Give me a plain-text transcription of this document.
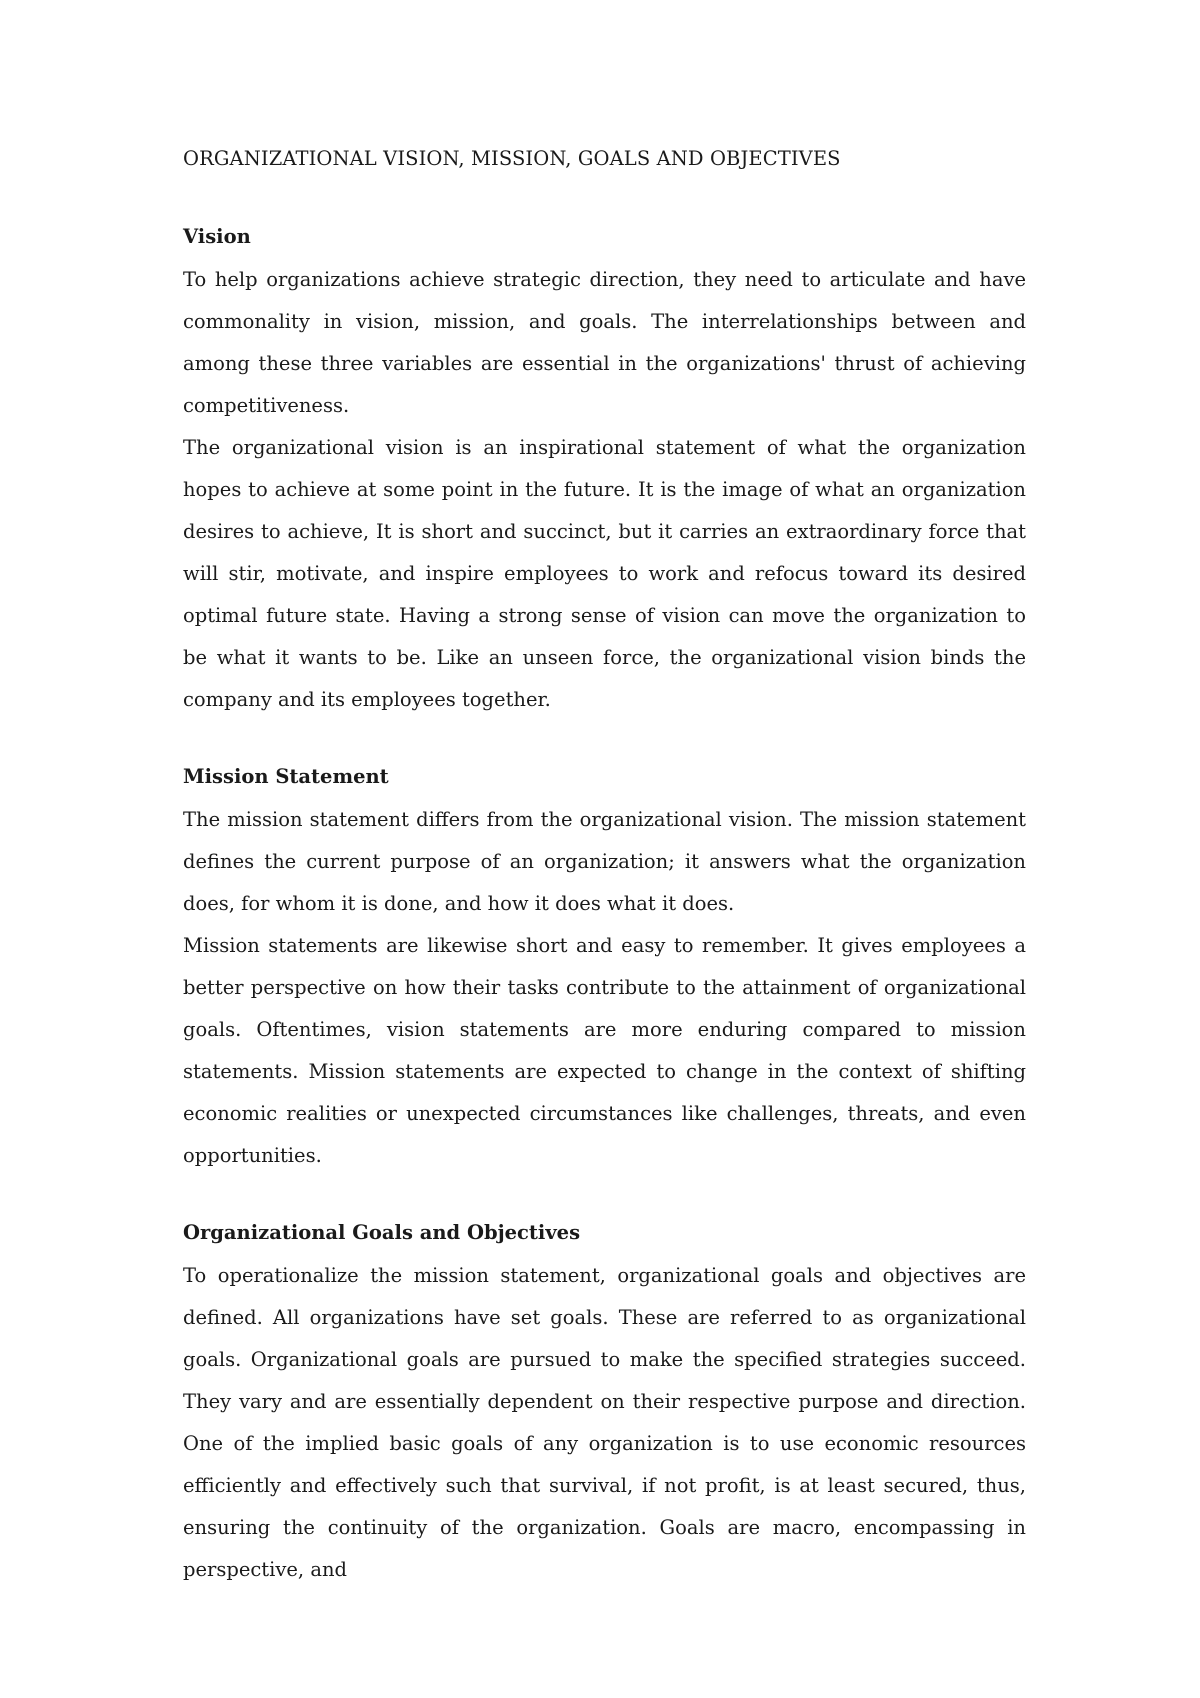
ORGANIZATIONAL VISION, MISSION, GOALS AND OBJECTIVES
Vision

To help organizations achieve strategic direction, they need to articulate and have commonality in vision, mission, and goals. The interrelationships between and among these three variables are essential in the organizations' thrust of achieving competitiveness.

The organizational vision is an inspirational statement of what the organization hopes to achieve at some point in the future. It is the image of what an organization desires to achieve, It is short and succinct, but it carries an extraordinary force that will stir, motivate, and inspire employees to work and refocus toward its desired optimal future state. Having a strong sense of vision can move the organization to be what it wants to be. Like an unseen force, the organizational vision binds the company and its employees together.

Mission Statement

The mission statement differs from the organizational vision. The mission statement defines the current purpose of an organization; it answers what the organization does, for whom it is done, and how it does what it does.

Mission statements are likewise short and easy to remember. It gives employees a better perspective on how their tasks contribute to the attainment of organizational goals. Oftentimes, vision statements are more enduring compared to mission statements. Mission statements are expected to change in the context of shifting economic realities or unexpected circumstances like challenges, threats, and even opportunities.

Organizational Goals and Objectives

To operationalize the mission statement, organizational goals and objectives are defined. All organizations have set goals. These are referred to as organizational goals. Organizational goals are pursued to make the specified strategies succeed. They vary and are essentially dependent on their respective purpose and direction. One of the implied basic goals of any organization is to use economic resources efficiently and effectively such that survival, if not profit, is at least secured, thus, ensuring the continuity of the organization. Goals are macro, encompassing in perspective, and
